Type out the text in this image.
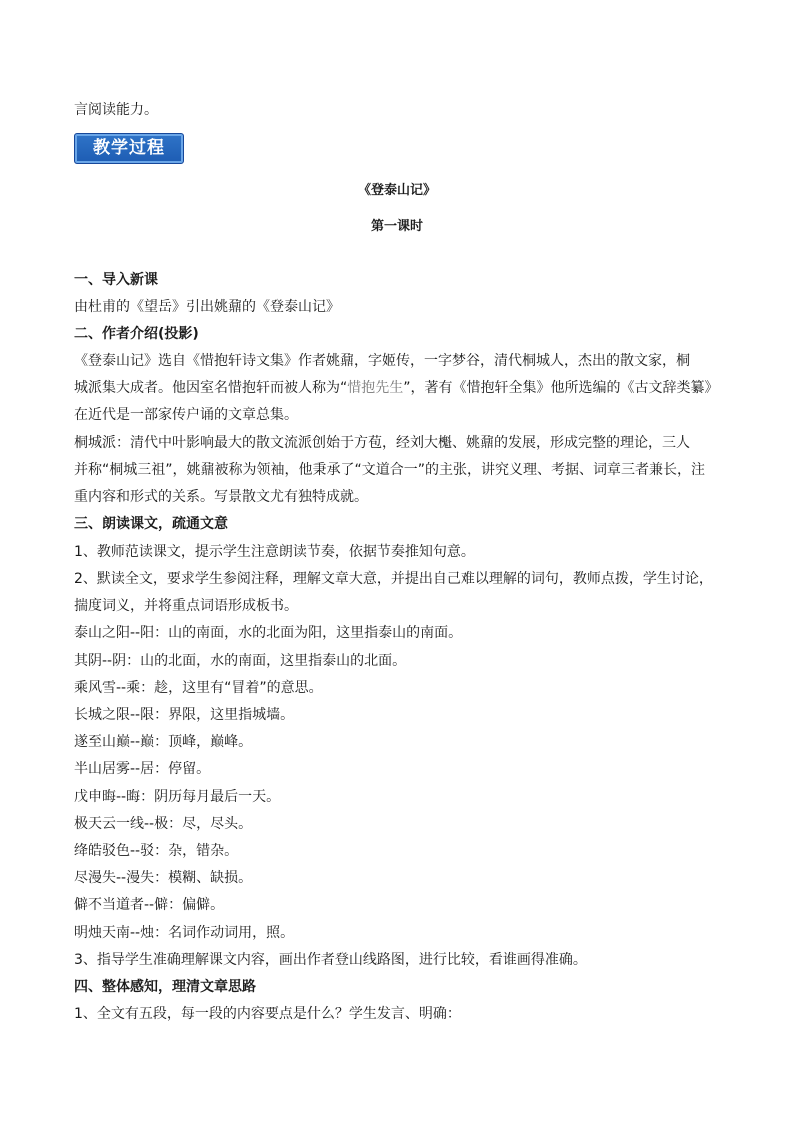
言阅读能力。
教学过程
《登泰山记》
第一课时
一、导入新课
由杜甫的《望岳》引出姚鼐的《登泰山记》
二、作者介绍(投影)
《登泰山记》选自《惜抱轩诗文集》作者姚鼐，字姬传，一字梦谷，清代桐城人，杰出的散文家，桐
城派集大成者。他因室名惜抱轩而被人称为“惜抱先生”，著有《惜抱轩全集》他所选编的《古文辞类纂》
在近代是一部家传户诵的文章总集。
桐城派：清代中叶影响最大的散文流派创始于方苞，经刘大櫆、姚鼐的发展，形成完整的理论，三人
并称“桐城三祖”，姚鼐被称为领袖，他秉承了“文道合一”的主张，讲究义理、考据、词章三者兼长，注
重内容和形式的关系。写景散文尤有独特成就。
三、朗读课文，疏通文意
1、教师范读课文，提示学生注意朗读节奏，依据节奏推知句意。
2、默读全文，要求学生参阅注释，理解文章大意，并提出自己难以理解的词句，教师点拨，学生讨论，
揣度词义，并将重点词语形成板书。
泰山之阳--阳：山的南面，水的北面为阳，这里指泰山的南面。
其阴--阴：山的北面，水的南面，这里指泰山的北面。
乘风雪--乘：趁，这里有“冒着”的意思。
长城之限--限：界限，这里指城墙。
遂至山巅--巅：顶峰，巅峰。
半山居雾--居：停留。
戊申晦--晦：阴历每月最后一天。
极天云一线--极：尽，尽头。
绛皓驳色--驳：杂，错杂。
尽漫失--漫失：模糊、缺损。
僻不当道者--僻：偏僻。
明烛天南--烛：名词作动词用，照。
3、指导学生准确理解课文内容，画出作者登山线路图，进行比较，看谁画得准确。
四、整体感知，理清文章思路
1、全文有五段，每一段的内容要点是什么？学生发言、明确：
